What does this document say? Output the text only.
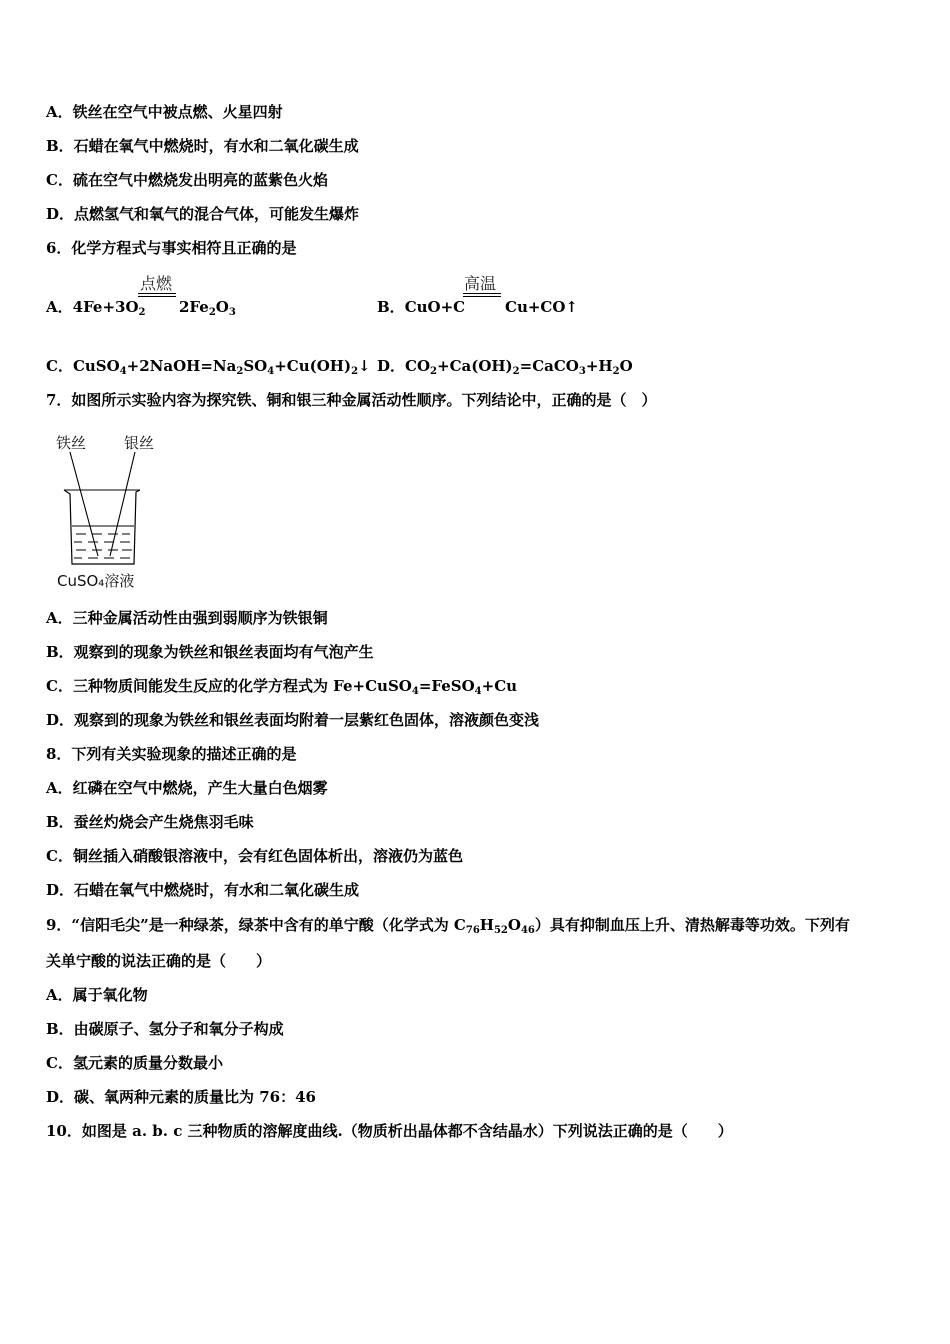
A．铁丝在空气中被点燃、火星四射
B．石蜡在氧气中燃烧时，有水和二氧化碳生成
C．硫在空气中燃烧发出明亮的蓝紫色火焰
D．点燃氢气和氧气的混合气体，可能发生爆炸
6．化学方程式与事实相符且正确的是
A．$4Fe+3O_2$
点燃
$2Fe_2O_3$	B．CuO+C
高温
Cu+CO↑
C．$CuSO_4+2NaOH=Na_2SO_4+Cu(OH)_2↓$ D．$CO_2+Ca(OH)_2=CaCO_3+H_2O$
7．如图所示实验内容为探究铁、铜和银三种金属活动性顺序。下列结论中，正确的是（　）
铁丝	银丝
CuSO₄溶液
A．三种金属活动性由强到弱顺序为铁银铜
B．观察到的现象为铁丝和银丝表面均有气泡产生
C．三种物质间能发生反应的化学方程式为 Fe+CuSO$_4$=FeSO$_4$+Cu
D．观察到的现象为铁丝和银丝表面均附着一层紫红色固体，溶液颜色变浅
8．下列有关实验现象的描述正确的是
A．红磷在空气中燃烧，产生大量白色烟雾
B．蚕丝灼烧会产生烧焦羽毛味
C．铜丝插入硝酸银溶液中，会有红色固体析出，溶液仍为蓝色
D．石蜡在氧气中燃烧时，有水和二氧化碳生成
9．“信阳毛尖”是一种绿茶，绿茶中含有的单宁酸（化学式为 $C_{76}H_{52}O_{46}$）具有抑制血压上升、清热解毒等功效。下列有
关单宁酸的说法正确的是（　　）
A．属于氧化物
B．由碳原子、氢分子和氧分子构成
C．氢元素的质量分数最小
D．碳、氧两种元素的质量比为 76：46
10．如图是 a. b. c 三种物质的溶解度曲线.（物质析出晶体都不含结晶水）下列说法正确的是（　　）
